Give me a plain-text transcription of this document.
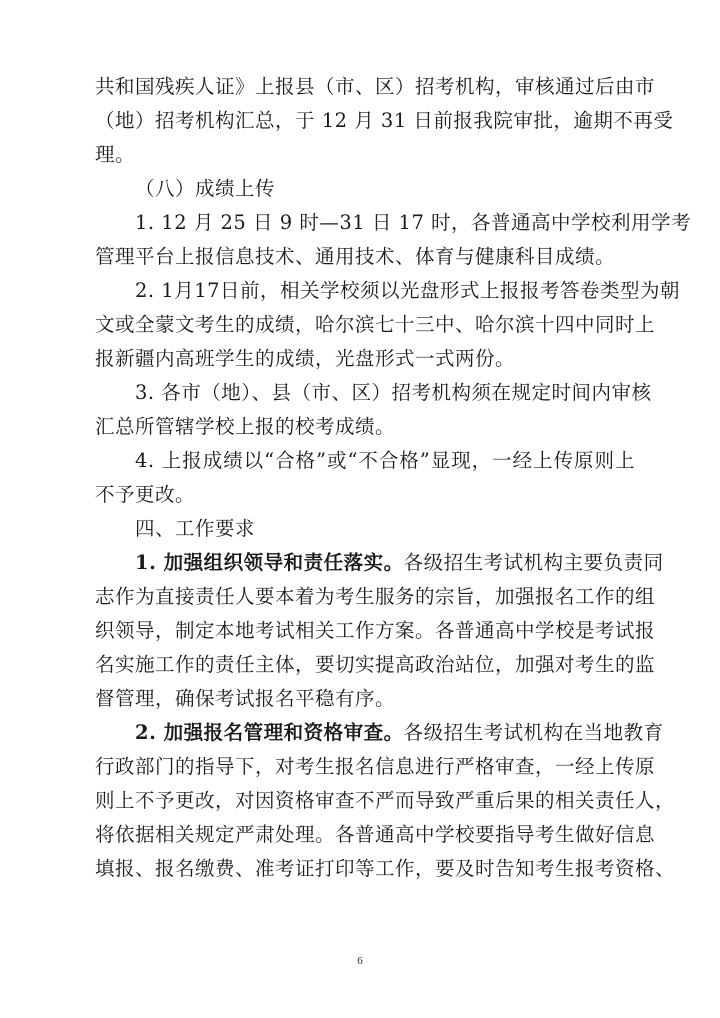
共和国残疾人证》上报县（市、区）招考机构，审核通过后由市
（地）招考机构汇总，于 12 月 31 日前报我院审批，逾期不再受
理。
（八）成绩上传
1. 12 月 25 日 9 时—31 日 17 时，各普通高中学校利用学考
管理平台上报信息技术、通用技术、体育与健康科目成绩。
2. 1月17日前，相关学校须以光盘形式上报报考答卷类型为朝
文或全蒙文考生的成绩，哈尔滨七十三中、哈尔滨十四中同时上
报新疆内高班学生的成绩，光盘形式一式两份。
3. 各市（地）、县（市、区）招考机构须在规定时间内审核
汇总所管辖学校上报的校考成绩。
4. 上报成绩以“合格”或“不合格”显现，一经上传原则上
不予更改。
四、工作要求
1. 加强组织领导和责任落实。各级招生考试机构主要负责同
志作为直接责任人要本着为考生服务的宗旨，加强报名工作的组
织领导，制定本地考试相关工作方案。各普通高中学校是考试报
名实施工作的责任主体，要切实提高政治站位，加强对考生的监
督管理，确保考试报名平稳有序。
2. 加强报名管理和资格审查。各级招生考试机构在当地教育
行政部门的指导下，对考生报名信息进行严格审查，一经上传原
则上不予更改，对因资格审查不严而导致严重后果的相关责任人，
将依据相关规定严肃处理。各普通高中学校要指导考生做好信息
填报、报名缴费、准考证打印等工作，要及时告知考生报考资格、
6
